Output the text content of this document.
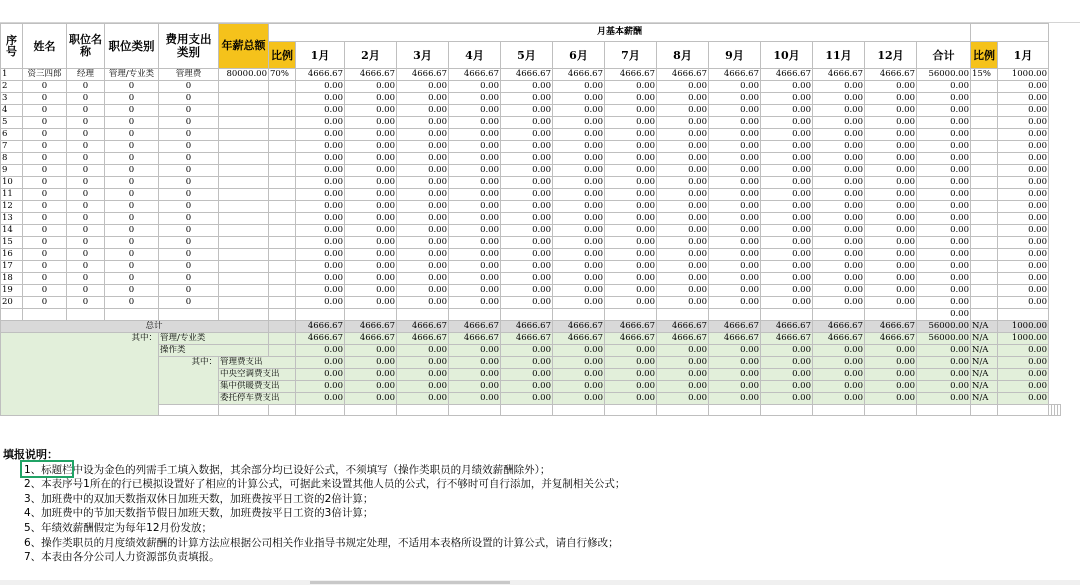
序号	姓名	职位名称	职位类别	费用支出类别	年薪总额	月基本薪酬																			
						比例	1月	2月	3月	4月	5月	6月	7月	8月	9月	10月	11月	12月	合计	比例	1月				
1	资三四郎	经理	管理/专业类	管理费	80000.00	70%	4666.67	4666.67	4666.67	4666.67	4666.67	4666.67	4666.67	4666.67	4666.67	4666.67	4666.67	4666.67	56000.00	15%	1000.00				
2	0	0	0	0			0.00	0.00	0.00	0.00	0.00	0.00	0.00	0.00	0.00	0.00	0.00	0.00	0.00		0.00				
3	0	0	0	0			0.00	0.00	0.00	0.00	0.00	0.00	0.00	0.00	0.00	0.00	0.00	0.00	0.00		0.00				
4	0	0	0	0			0.00	0.00	0.00	0.00	0.00	0.00	0.00	0.00	0.00	0.00	0.00	0.00	0.00		0.00				
5	0	0	0	0			0.00	0.00	0.00	0.00	0.00	0.00	0.00	0.00	0.00	0.00	0.00	0.00	0.00		0.00				
6	0	0	0	0			0.00	0.00	0.00	0.00	0.00	0.00	0.00	0.00	0.00	0.00	0.00	0.00	0.00		0.00				
7	0	0	0	0			0.00	0.00	0.00	0.00	0.00	0.00	0.00	0.00	0.00	0.00	0.00	0.00	0.00		0.00				
8	0	0	0	0			0.00	0.00	0.00	0.00	0.00	0.00	0.00	0.00	0.00	0.00	0.00	0.00	0.00		0.00				
9	0	0	0	0			0.00	0.00	0.00	0.00	0.00	0.00	0.00	0.00	0.00	0.00	0.00	0.00	0.00		0.00				
10	0	0	0	0			0.00	0.00	0.00	0.00	0.00	0.00	0.00	0.00	0.00	0.00	0.00	0.00	0.00		0.00				
11	0	0	0	0			0.00	0.00	0.00	0.00	0.00	0.00	0.00	0.00	0.00	0.00	0.00	0.00	0.00		0.00				
12	0	0	0	0			0.00	0.00	0.00	0.00	0.00	0.00	0.00	0.00	0.00	0.00	0.00	0.00	0.00		0.00				
13	0	0	0	0			0.00	0.00	0.00	0.00	0.00	0.00	0.00	0.00	0.00	0.00	0.00	0.00	0.00		0.00				
14	0	0	0	0			0.00	0.00	0.00	0.00	0.00	0.00	0.00	0.00	0.00	0.00	0.00	0.00	0.00		0.00				
15	0	0	0	0			0.00	0.00	0.00	0.00	0.00	0.00	0.00	0.00	0.00	0.00	0.00	0.00	0.00		0.00				
16	0	0	0	0			0.00	0.00	0.00	0.00	0.00	0.00	0.00	0.00	0.00	0.00	0.00	0.00	0.00		0.00				
17	0	0	0	0			0.00	0.00	0.00	0.00	0.00	0.00	0.00	0.00	0.00	0.00	0.00	0.00	0.00		0.00				
18	0	0	0	0			0.00	0.00	0.00	0.00	0.00	0.00	0.00	0.00	0.00	0.00	0.00	0.00	0.00		0.00				
19	0	0	0	0			0.00	0.00	0.00	0.00	0.00	0.00	0.00	0.00	0.00	0.00	0.00	0.00	0.00		0.00				
20	0	0	0	0			0.00	0.00	0.00	0.00	0.00	0.00	0.00	0.00	0.00	0.00	0.00	0.00	0.00		0.00				
																			0.00						
总计							4666.67	4666.67	4666.67	4666.67	4666.67	4666.67	4666.67	4666.67	4666.67	4666.67	4666.67	4666.67	56000.00	N/A	1000.00				

其中：				管理/专业类			4666.67	4666.67	4666.67	4666.67	4666.67	4666.67	4666.67	4666.67	4666.67	4666.67	4666.67	4666.67	56000.00	N/A	1000.00				
				操作类			0.00	0.00	0.00	0.00	0.00	0.00	0.00	0.00	0.00	0.00	0.00	0.00	0.00	N/A	0.00				

				其中：	管理费支出		0.00	0.00	0.00	0.00	0.00	0.00	0.00	0.00	0.00	0.00	0.00	0.00	0.00	N/A	0.00				
					中央空调费支出		0.00	0.00	0.00	0.00	0.00	0.00	0.00	0.00	0.00	0.00	0.00	0.00	0.00	N/A	0.00				
					集中供暖费支出		0.00	0.00	0.00	0.00	0.00	0.00	0.00	0.00	0.00	0.00	0.00	0.00	0.00	N/A	0.00				
					委托停车费支出		0.00	0.00	0.00	0.00	0.00	0.00	0.00	0.00	0.00	0.00	0.00	0.00	0.00	N/A	0.00				

填报说明：
1、标题栏中设为金色的列需手工填入数据，其余部分均已设好公式，不须填写（操作类职员的月绩效薪酬除外）；
2、本表序号1所在的行已模拟设置好了相应的计算公式，可据此来设置其他人员的公式，行不够时可自行添加，并复制相关公式；
3、加班费中的双加天数指双休日加班天数，加班费按平日工资的2倍计算；
4、加班费中的节加天数指节假日加班天数，加班费按平日工资的3倍计算；
5、年绩效薪酬假定为每年12月份发放；
6、操作类职员的月度绩效薪酬的计算方法应根据公司相关作业指导书规定处理，不适用本表格所设置的计算公式，请自行修改；
7、本表由各分公司人力资源部负责填报。
